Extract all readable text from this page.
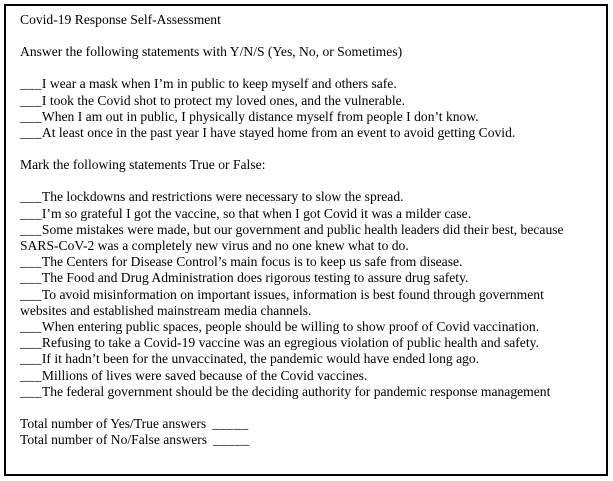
Covid-19 Response Self-Assessment

Answer the following statements with Y/N/S (Yes, No, or Sometimes)

___I wear a mask when I’m in public to keep myself and others safe.

___I took the Covid shot to protect my loved ones, and the vulnerable.

___When I am out in public, I physically distance myself from people I don’t know.

___At least once in the past year I have stayed home from an event to avoid getting Covid.

Mark the following statements True or False:

___The lockdowns and restrictions were necessary to slow the spread.

___I’m so grateful I got the vaccine, so that when I got Covid it was a milder case.

___Some mistakes were made, but our government and public health leaders did their best, because SARS-CoV-2 was a completely new virus and no one knew what to do.

___The Centers for Disease Control’s main focus is to keep us safe from disease.

___The Food and Drug Administration does rigorous testing to assure drug safety.

___To avoid misinformation on important issues, information is best found through government websites and established mainstream media channels.

___When entering public spaces, people should be willing to show proof of Covid vaccination.

___Refusing to take a Covid-19 vaccine was an egregious violation of public health and safety.

___If it hadn’t been for the unvaccinated, the pandemic would have ended long ago.

___Millions of lives were saved because of the Covid vaccines.

___The federal government should be the deciding authority for pandemic response management

Total number of Yes/True answers _____

Total number of No/False answers _____
